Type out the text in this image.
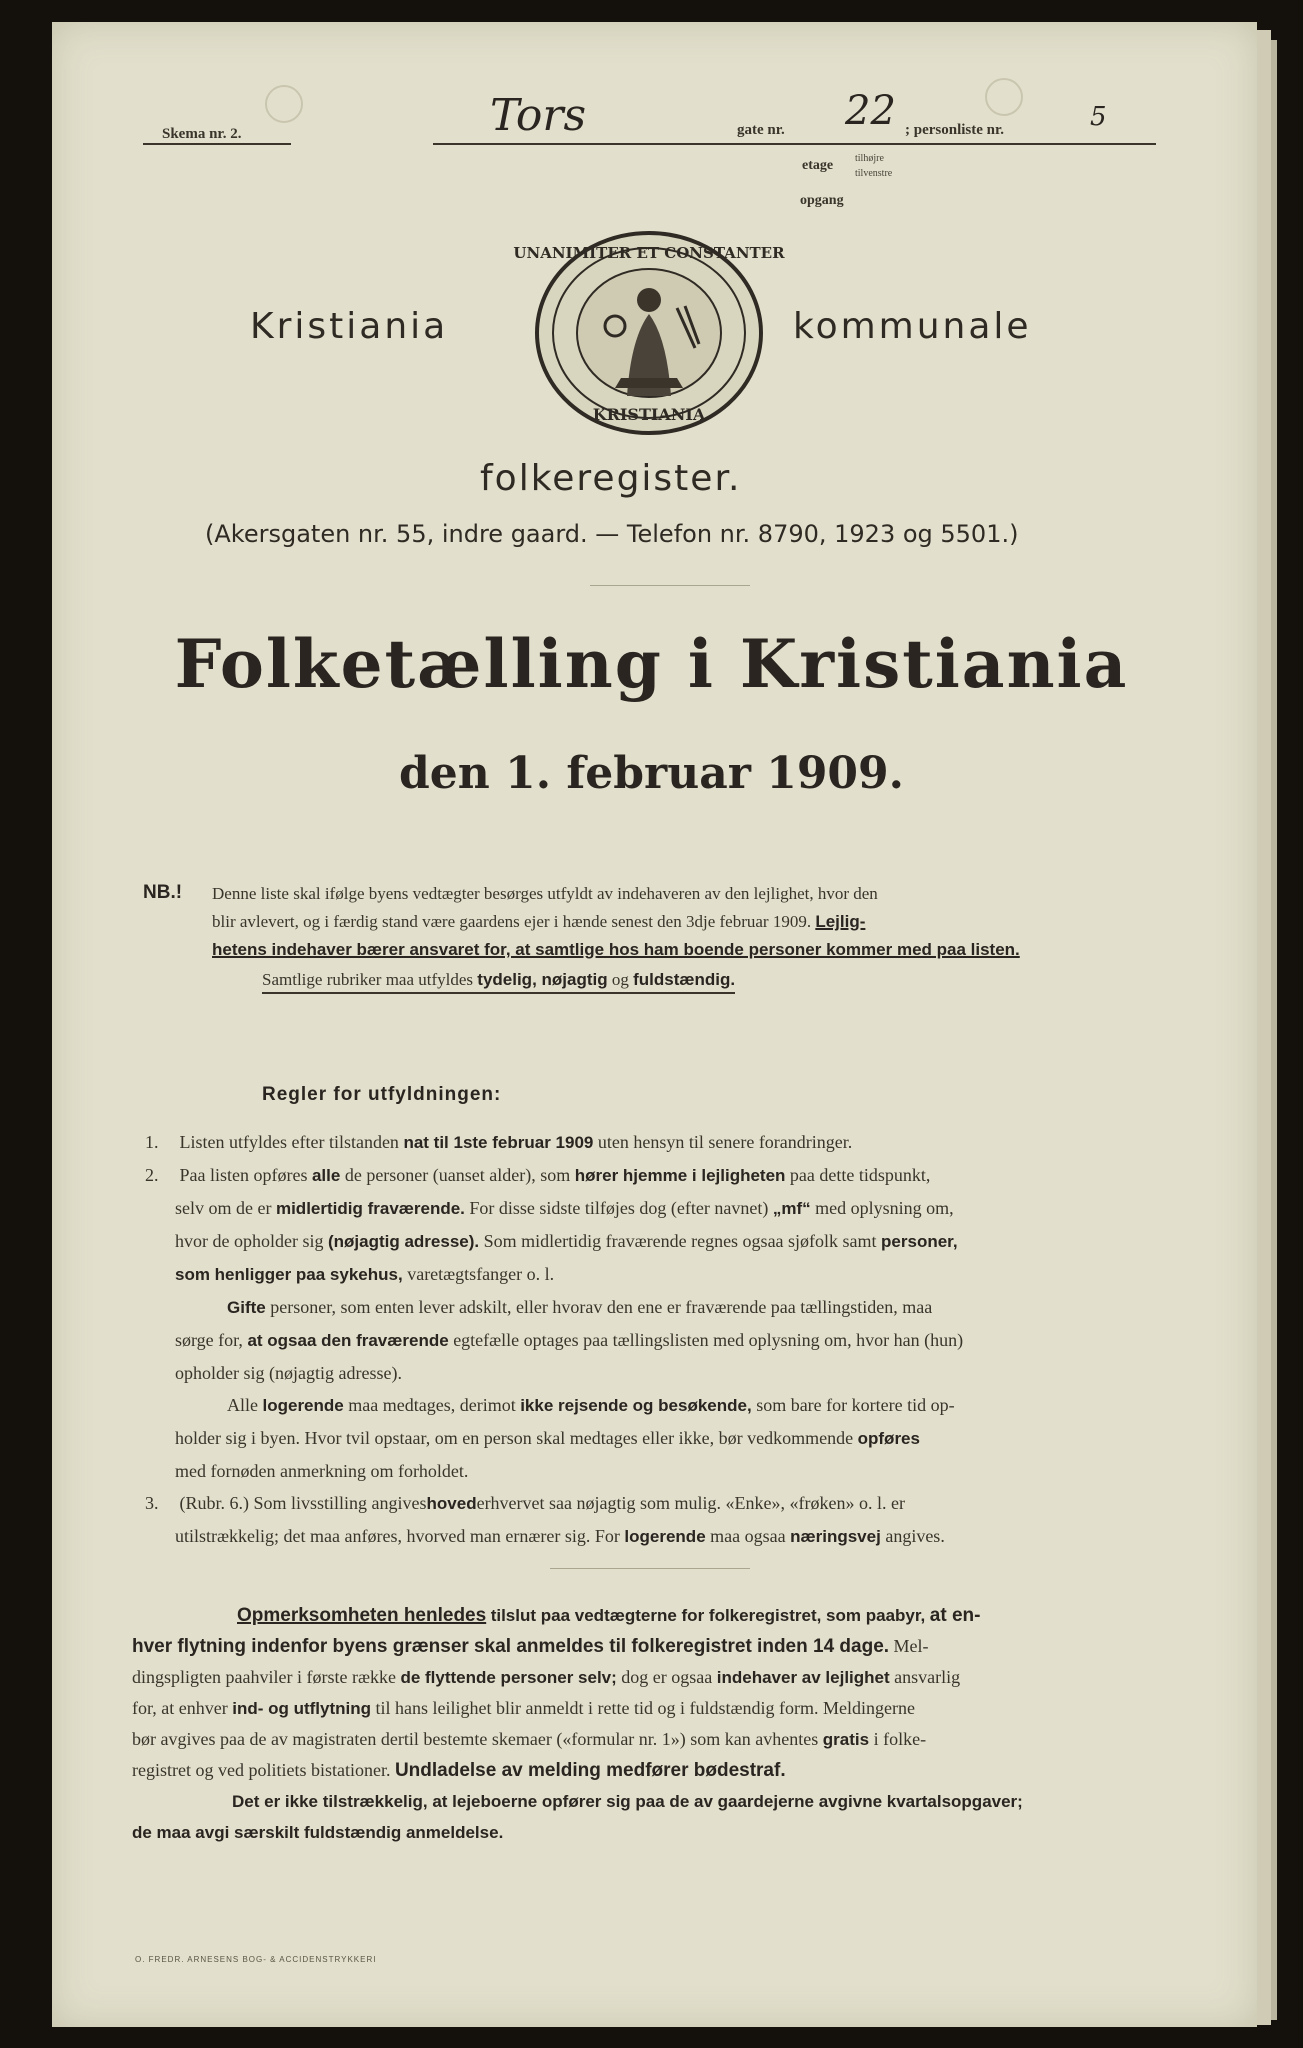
Skema nr. 2.	Tors	gate nr. 22 ; personliste nr.	5
etage tilhøjre
tilvenstre
opgang
Kristiania	kommunale
UNANIMITER ET CONSTANTER
KRISTIANIA
folkeregister.
(Akersgaten nr. 55, indre gaard. — Telefon nr. 8790, 1923 og 5501.)
Folketælling i Kristiania
den 1. februar 1909.
NB.! Denne liste skal ifølge byens vedtægter besørges utfyldt av indehaveren av den lejlighet, hvor den
blir avlevert, og i færdig stand være gaardens ejer i hænde senest den 3dje februar 1909. Lejlig-
hetens indehaver bærer ansvaret for, at samtlige hos ham boende personer kommer med paa listen.
Samtlige rubriker maa utfyldes tydelig, nøjagtig og fuldstændig.
Regler for utfyldningen:
1. Listen utfyldes efter tilstanden nat til 1ste februar 1909 uten hensyn til senere forandringer.
2. Paa listen opføres alle de personer (uanset alder), som hører hjemme i lejligheten paa dette tidspunkt,
selv om de er midlertidig fraværende. For disse sidste tilføjes dog (efter navnet) „mf“ med oplysning om,
hvor de opholder sig (nøjagtig adresse). Som midlertidig fraværende regnes ogsaa sjøfolk samt personer,
som henligger paa sykehus, varetægtsfanger o. l.
Gifte personer, som enten lever adskilt, eller hvorav den ene er fraværende paa tællingstiden, maa
sørge for, at ogsaa den fraværende egtefælle optages paa tællingslisten med oplysning om, hvor han (hun)
opholder sig (nøjagtig adresse).
Alle logerende maa medtages, derimot ikke rejsende og besøkende, som bare for kortere tid op-
holder sig i byen. Hvor tvil opstaar, om en person skal medtages eller ikke, bør vedkommende opføres
med fornøden anmerkning om forholdet.
3. (Rubr. 6.) Som livsstilling angiveshovederhvervet saa nøjagtig som mulig. «Enke», «frøken» o. l. er
utilstrækkelig; det maa anføres, hvorved man ernærer sig. For logerende maa ogsaa næringsvej angives.
Opmerksomheten henledes tilslut paa vedtægterne for folkeregistret, som paabyr, at en-
hver flytning indenfor byens grænser skal anmeldes til folkeregistret inden 14 dage. Mel-
dingspligten paahviler i første række de flyttende personer selv; dog er ogsaa indehaver av lejlighet ansvarlig
for, at enhver ind- og utflytning til hans leilighet blir anmeldt i rette tid og i fuldstændig form. Meldingerne
bør avgives paa de av magistraten dertil bestemte skemaer («formular nr. 1») som kan avhentes gratis i folke-
registret og ved politiets bistationer. Undladelse av melding medfører bødestraf.
Det er ikke tilstrækkelig, at lejeboerne opfører sig paa de av gaardejerne avgivne kvartalsopgaver;
de maa avgi særskilt fuldstændig anmeldelse.
O. FREDR. ARNESENS BOG- & ACCIDENSTRYKKERI
